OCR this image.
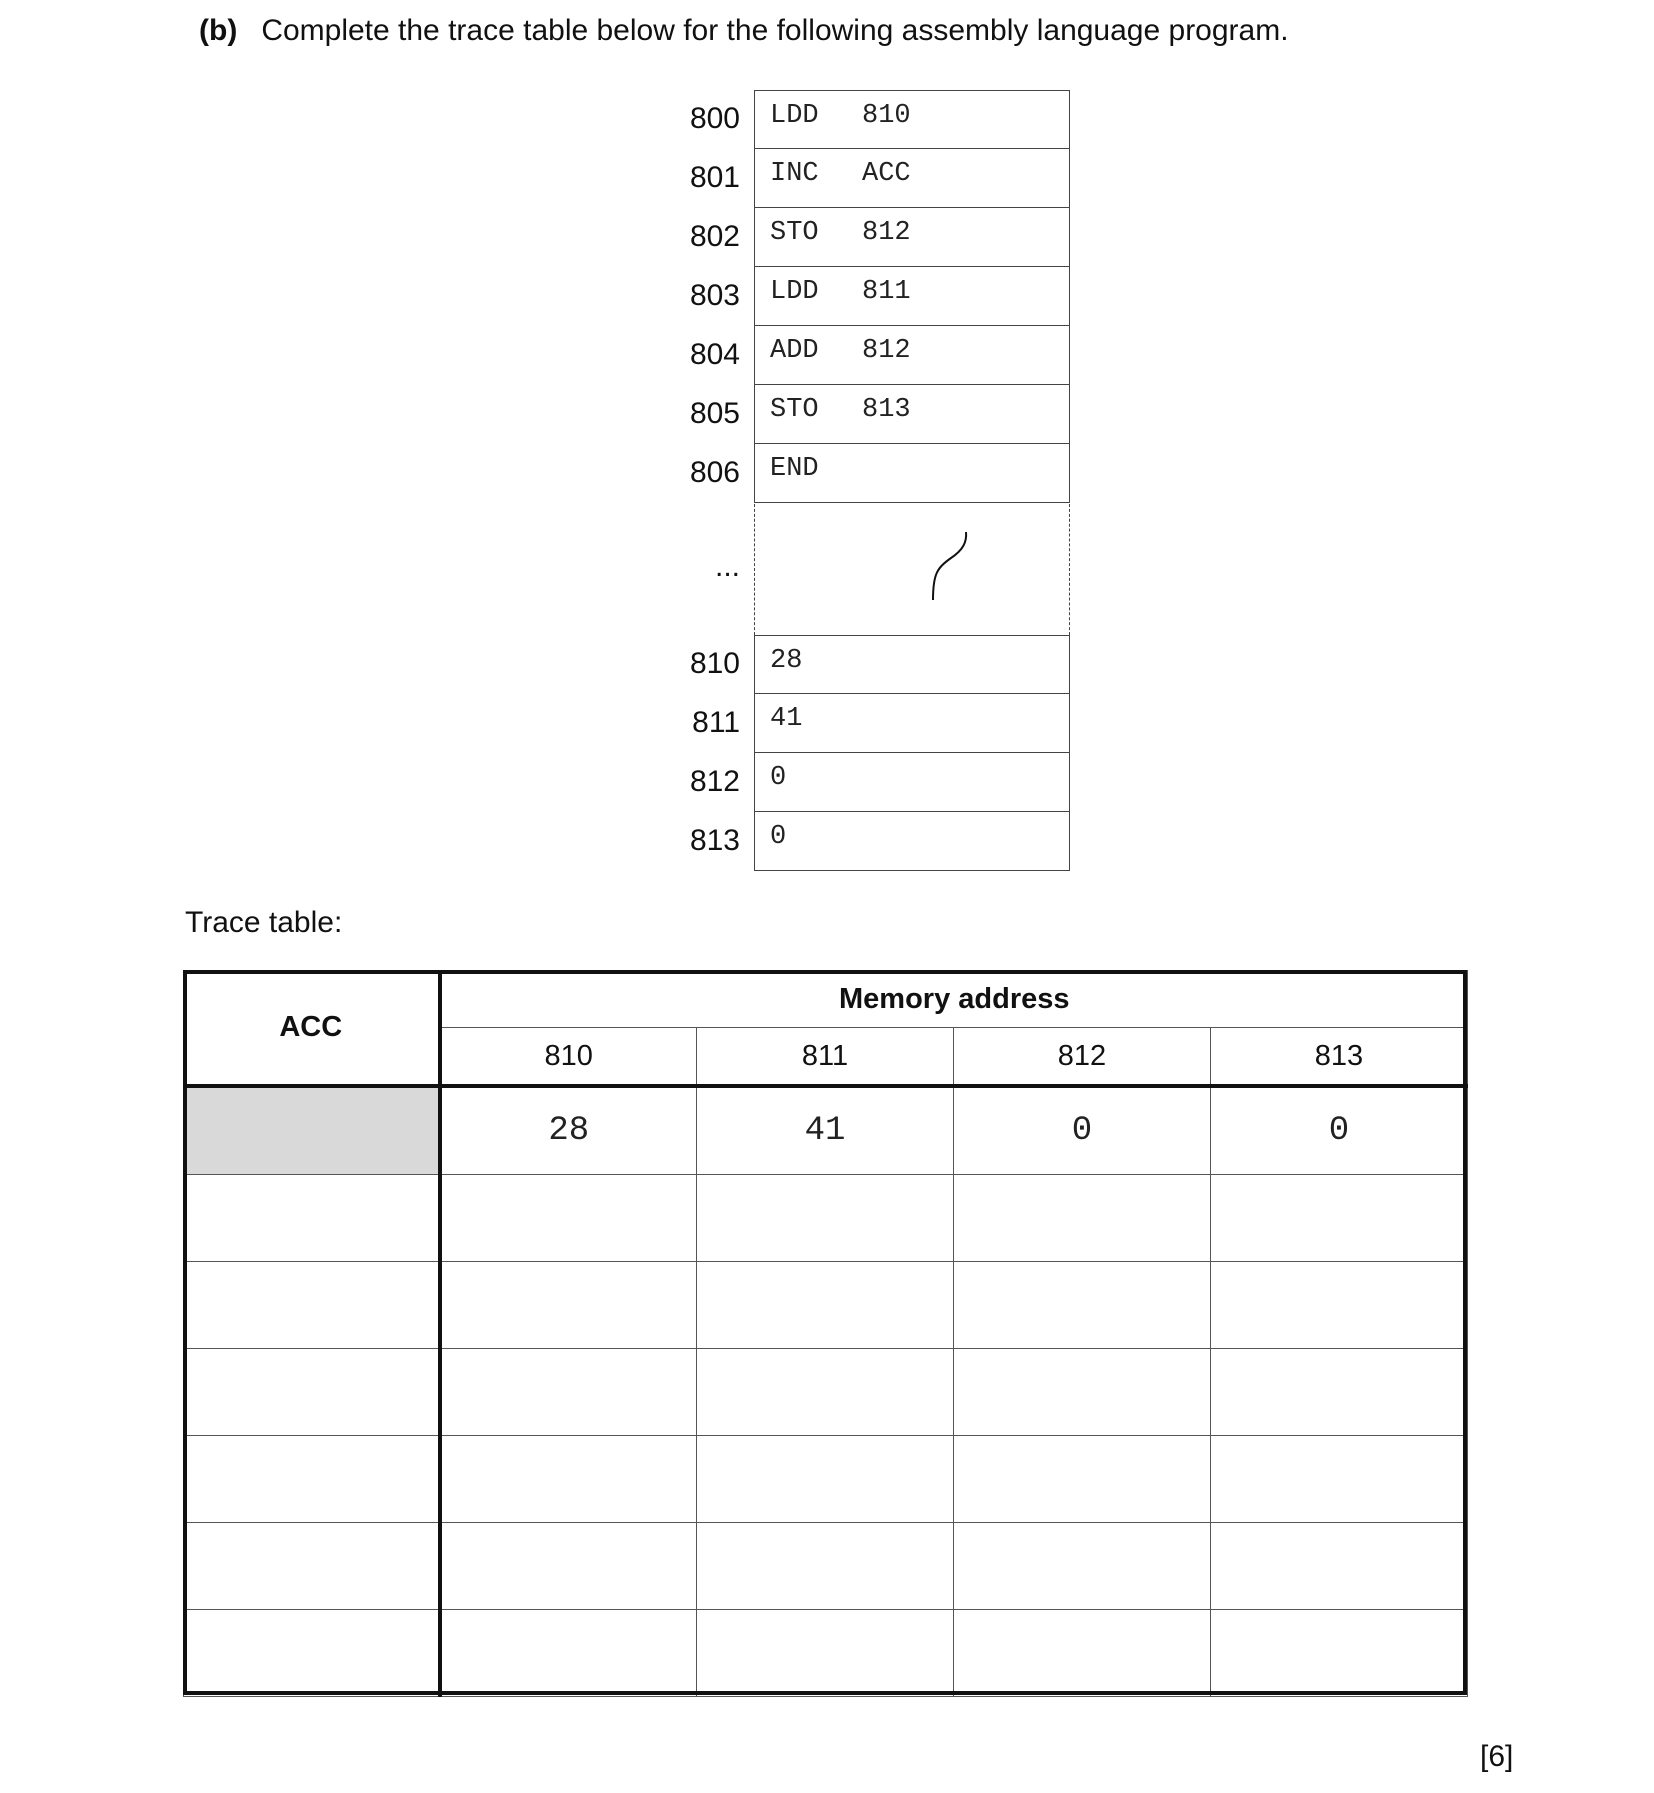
(b) Complete the trace table below for the following assembly language program.
800 LDD 810
801 INC ACC
802 STO 812
803 LDD 811
804 ADD 812
805 STO 813
806 END
...
810 28
811 41
812 0
813 0
Trace table:
ACC	Memory address			
	810	811	812	813
	28	41	0	0

[6]
